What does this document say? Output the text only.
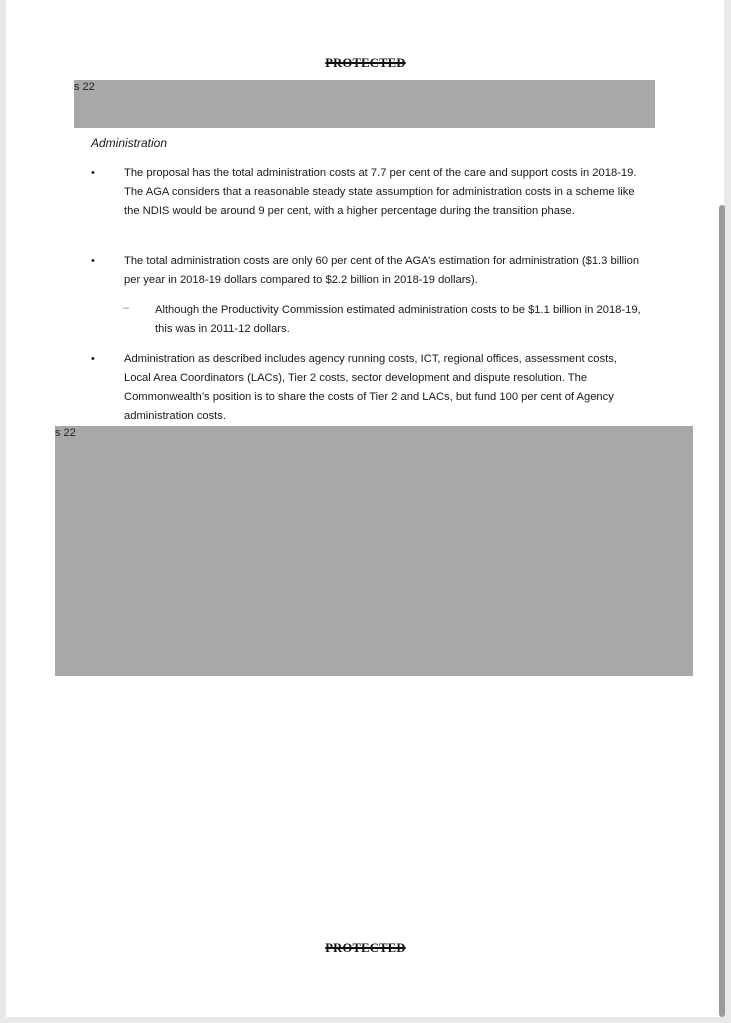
PROTECTED
s 22
Administration
•	The proposal has the total administration costs at 7.7 per cent of the care and support costs in 2018-19. The AGA considers that a reasonable steady state assumption for administration costs in a scheme like the NDIS would be around 9 per cent, with a higher percentage during the transition phase.
•	The total administration costs are only 60 per cent of the AGA’s estimation for administration ($1.3 billion per year in 2018-19 dollars compared to $2.2 billion in 2018-19 dollars).
– Although the Productivity Commission estimated administration costs to be $1.1 billion in 2018-19, this was in 2011-12 dollars.
•	Administration as described includes agency running costs, ICT, regional offices, assessment costs, Local Area Coordinators (LACs), Tier 2 costs, sector development and dispute resolution. The Commonwealth’s position is to share the costs of Tier 2 and LACs, but fund 100 per cent of Agency administration costs.
s 22
PROTECTED
